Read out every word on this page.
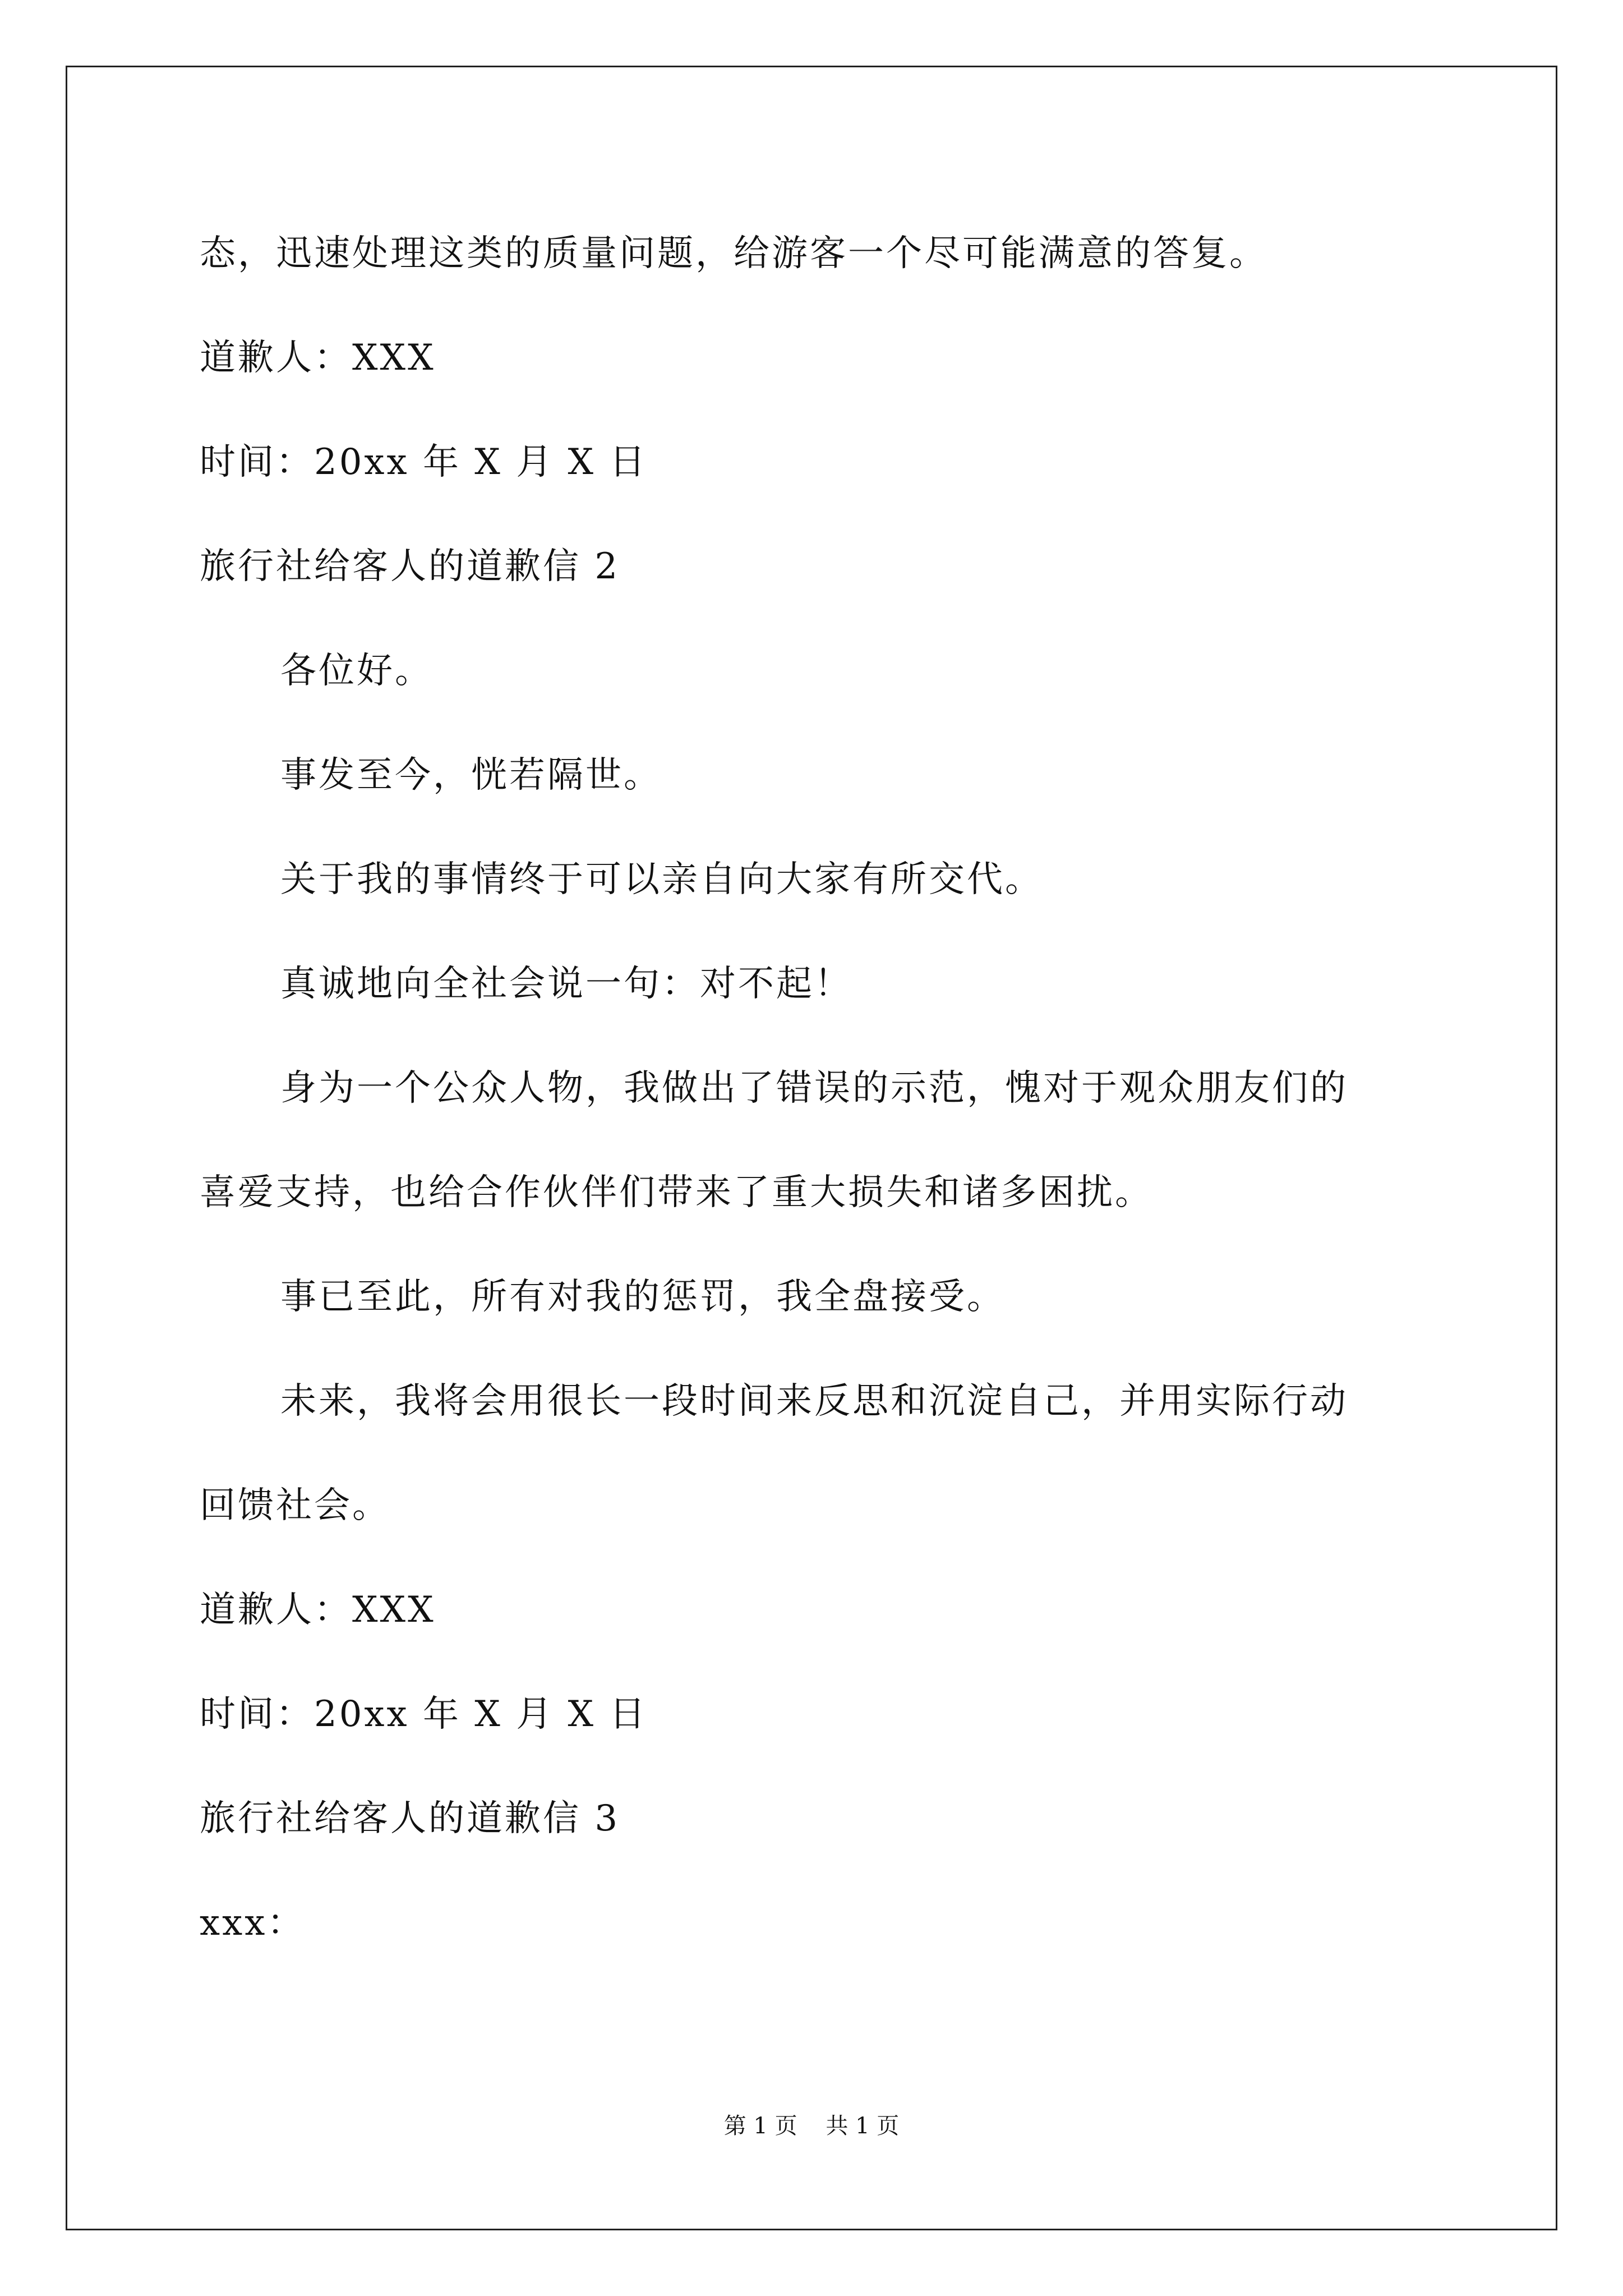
态，迅速处理这类的质量问题，给游客一个尽可能满意的答复。
道歉人：XXX
时间：20xx 年 X 月 X 日
旅行社给客人的道歉信 2
各位好。
事发至今，恍若隔世。
关于我的事情终于可以亲自向大家有所交代。
真诚地向全社会说一句：对不起！
身为一个公众人物，我做出了错误的示范，愧对于观众朋友们的
喜爱支持，也给合作伙伴们带来了重大损失和诸多困扰。
事已至此，所有对我的惩罚，我全盘接受。
未来，我将会用很长一段时间来反思和沉淀自己，并用实际行动
回馈社会。
道歉人：XXX
时间：20xx 年 X 月 X 日
旅行社给客人的道歉信 3
xxx：
第 1 页    共 1 页
